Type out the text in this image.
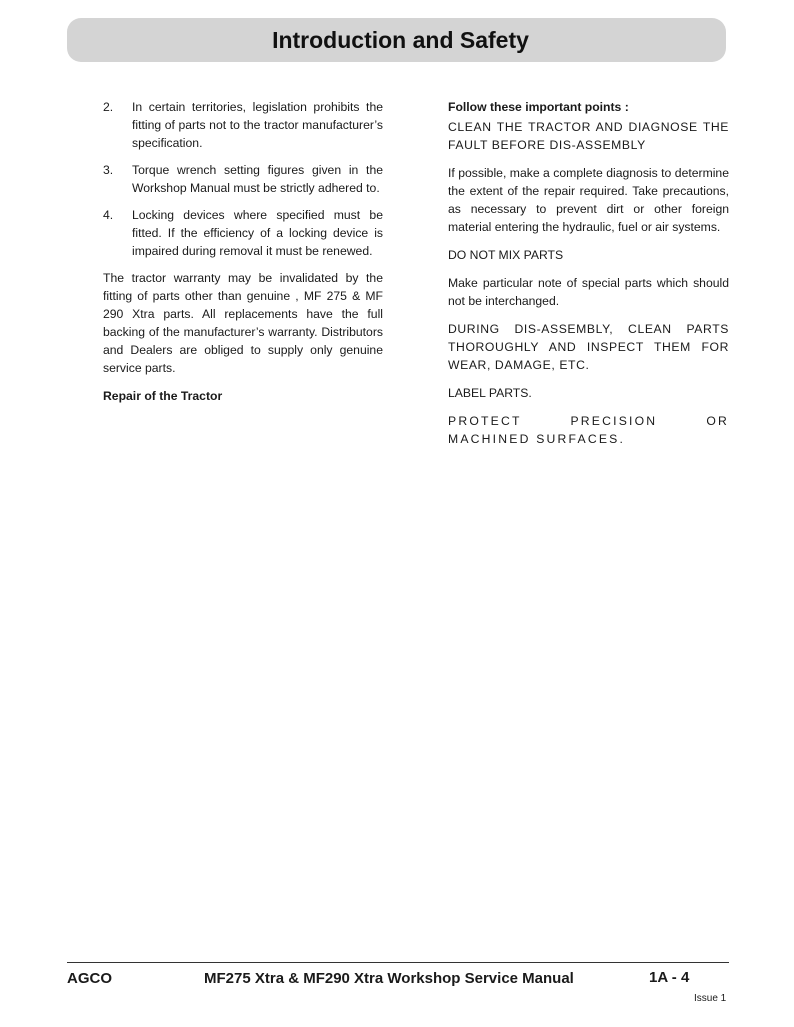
Introduction and Safety
2.	In certain territories, legislation prohibits the fitting of parts not to the tractor manufacturer’s specification.
3.	Torque wrench setting figures given in the Workshop Manual must be strictly adhered to.
4.	Locking devices where specified must be fitted. If the efficiency of a locking device is impaired during removal it must be renewed.

The tractor warranty may be invalidated by the fitting of parts other than genuine , MF 275 & MF 290 Xtra parts. All replacements have the full backing of the manufacturer’s warranty. Distributors and Dealers are obliged to supply only genuine service parts.

Repair of the Tractor

Follow these important points :

CLEAN THE TRACTOR AND DIAGNOSE THE FAULT BEFORE DIS-ASSEMBLY

If possible, make a complete diagnosis to determine the extent of the repair required. Take precautions, as necessary to prevent dirt or other foreign material entering the hydraulic, fuel or air systems.

DO NOT MIX PARTS

Make particular note of special parts which should not be interchanged.

DURING DIS-ASSEMBLY, CLEAN PARTS THOROUGHLY AND INSPECT THEM FOR WEAR, DAMAGE, ETC.

LABEL PARTS.

PROTECT PRECISION OR MACHINED SURFACES.

AGCO	MF275 Xtra & MF290 Xtra Workshop Service Manual	1A - 4
Issue 1
